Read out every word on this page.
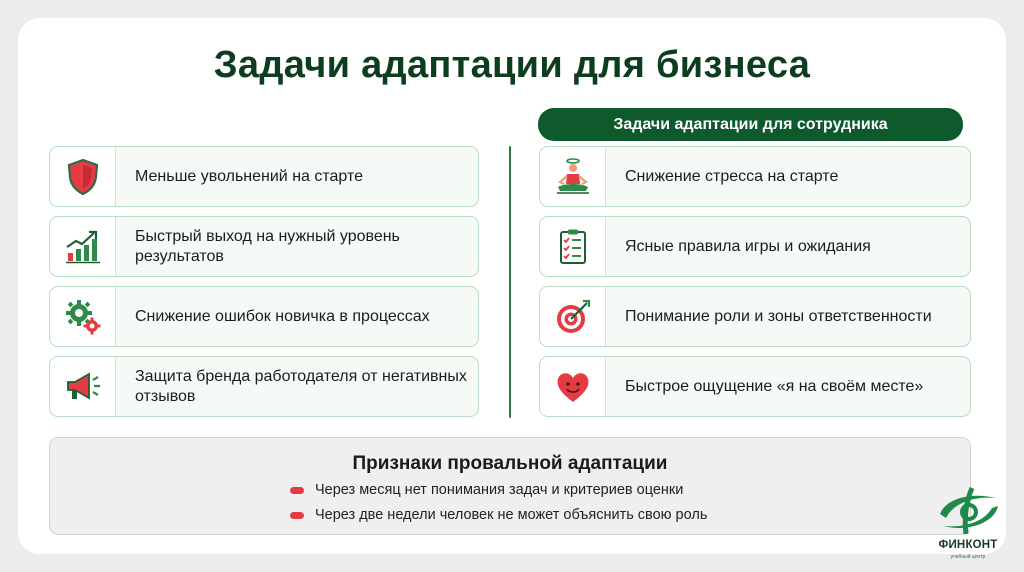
Задачи адаптации для бизнеса
Задачи адаптации для сотрудника
Меньше увольнений на старте
Быстрый выход на нужный уровень результатов
Снижение ошибок новичка в процессах
Защита бренда работодателя от негативных отзывов
Снижение стресса на старте
Ясные правила игры и ожидания
Понимание роли и зоны ответственности
Быстрое ощущение «я на своём месте»
Признаки провальной адаптации
Через месяц нет понимания задач и критериев оценки
Через две недели человек не может объяснить свою роль
ФИНКОНТ
учебный центр
